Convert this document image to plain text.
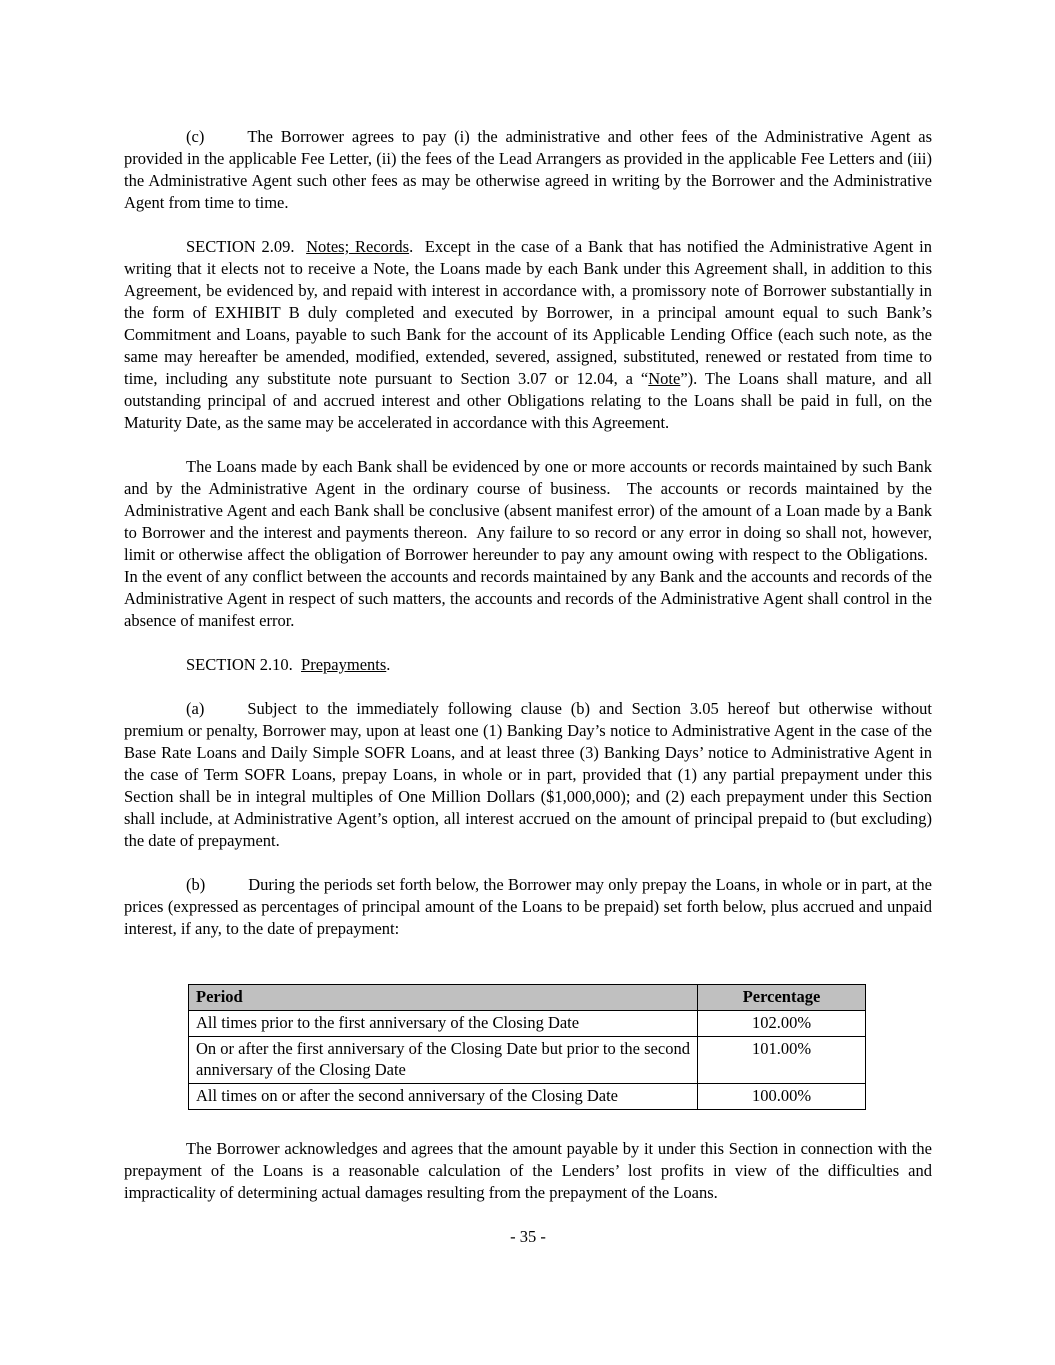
(c)	The Borrower agrees to pay (i) the administrative and other fees of the Administrative Agent as provided in the applicable Fee Letter, (ii) the fees of the Lead Arrangers as provided in the applicable Fee Letters and (iii) the Administrative Agent such other fees as may be otherwise agreed in writing by the Borrower and the Administrative Agent from time to time.

SECTION 2.09.  Notes; Records.  Except in the case of a Bank that has notified the Administrative Agent in writing that it elects not to receive a Note, the Loans made by each Bank under this Agreement shall, in addition to this Agreement, be evidenced by, and repaid with interest in accordance with, a promissory note of Borrower substantially in the form of EXHIBIT B duly completed and executed by Borrower, in a principal amount equal to such Bank’s Commitment and Loans, payable to such Bank for the account of its Applicable Lending Office (each such note, as the same may hereafter be amended, modified, extended, severed, assigned, substituted, renewed or restated from time to time, including any substitute note pursuant to Section 3.07 or 12.04, a “Note”). The Loans shall mature, and all outstanding principal of and accrued interest and other Obligations relating to the Loans shall be paid in full, on the Maturity Date, as the same may be accelerated in accordance with this Agreement.

The Loans made by each Bank shall be evidenced by one or more accounts or records maintained by such Bank and by the Administrative Agent in the ordinary course of business.  The accounts or records maintained by the Administrative Agent and each Bank shall be conclusive (absent manifest error) of the amount of a Loan made by a Bank to Borrower and the interest and payments thereon.  Any failure to so record or any error in doing so shall not, however, limit or otherwise affect the obligation of Borrower hereunder to pay any amount owing with respect to the Obligations.  In the event of any conflict between the accounts and records maintained by any Bank and the accounts and records of the Administrative Agent in respect of such matters, the accounts and records of the Administrative Agent shall control in the absence of manifest error.

SECTION 2.10.  Prepayments.

(a)	Subject to the immediately following clause (b) and Section 3.05 hereof but otherwise without premium or penalty, Borrower may, upon at least one (1) Banking Day’s notice to Administrative Agent in the case of the Base Rate Loans and Daily Simple SOFR Loans, and at least three (3) Banking Days’ notice to Administrative Agent in the case of Term SOFR Loans, prepay Loans, in whole or in part, provided that (1) any partial prepayment under this Section shall be in integral multiples of One Million Dollars ($1,000,000); and (2) each prepayment under this Section shall include, at Administrative Agent’s option, all interest accrued on the amount of principal prepaid to (but excluding) the date of prepayment.

(b)	During the periods set forth below, the Borrower may only prepay the Loans, in whole or in part, at the prices (expressed as percentages of principal amount of the Loans to be prepaid) set forth below, plus accrued and unpaid interest, if any, to the date of prepayment:

Period	Percentage
All times prior to the first anniversary of the Closing Date	102.00%
On or after the first anniversary of the Closing Date but prior to the second anniversary of the Closing Date	101.00%
All times on or after the second anniversary of the Closing Date	100.00%

The Borrower acknowledges and agrees that the amount payable by it under this Section in connection with the prepayment of the Loans is a reasonable calculation of the Lenders’ lost profits in view of the difficulties and impracticality of determining actual damages resulting from the prepayment of the Loans.

- 35 -
